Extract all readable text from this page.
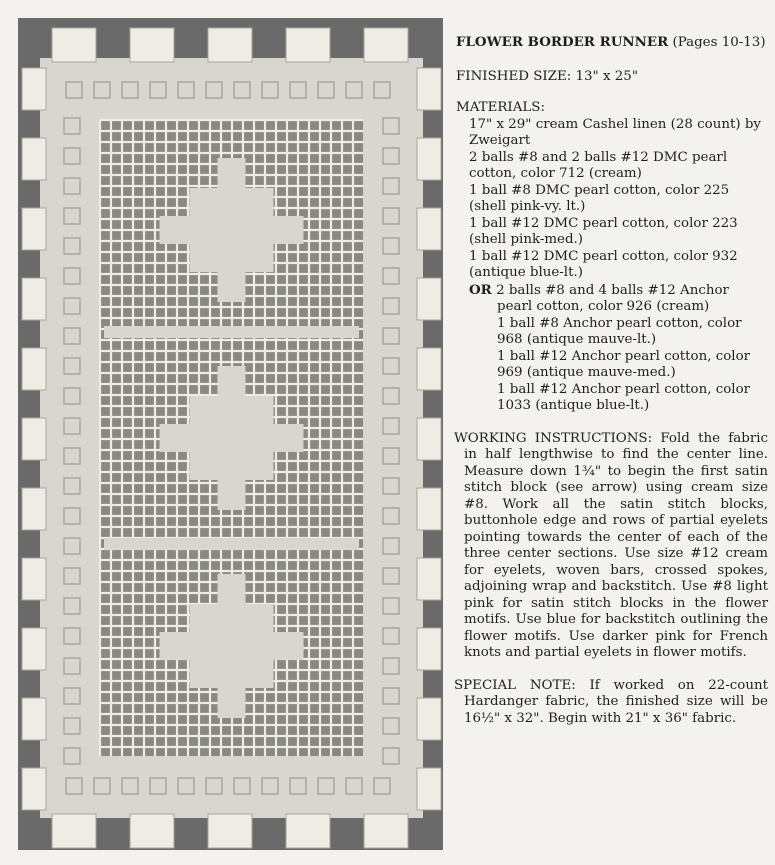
FLOWER BORDER RUNNER (Pages 10-13)

FINISHED SIZE: 13" x 25"

MATERIALS:
17" x 29" cream Cashel linen (28 count) by Zweigart
2 balls #8 and 2 balls #12 DMC pearl cotton, color 712 (cream)
1 ball #8 DMC pearl cotton, color 225 (shell pink-vy. lt.)
1 ball #12 DMC pearl cotton, color 223 (shell pink-med.)
1 ball #12 DMC pearl cotton, color 932 (antique blue-lt.)
OR 2 balls #8 and 4 balls #12 Anchor pearl cotton, color 926 (cream)
1 ball #8 Anchor pearl cotton, color 968 (antique mauve-lt.)
1 ball #12 Anchor pearl cotton, color 969 (antique mauve-med.)
1 ball #12 Anchor pearl cotton, color 1033 (antique blue-lt.)

WORKING INSTRUCTIONS: Fold the fabric in half lengthwise to find the center line. Measure down 1¾" to begin the first satin stitch block (see arrow) using cream size #8. Work all the satin stitch blocks, buttonhole edge and rows of partial eyelets pointing towards the center of each of the three center sections. Use size #12 cream for eyelets, woven bars, crossed spokes, adjoining wrap and backstitch. Use #8 light pink for satin stitch blocks in the flower motifs. Use blue for backstitch outlining the flower motifs. Use darker pink for French knots and partial eyelets in flower motifs.

SPECIAL NOTE: If worked on 22-count Hardanger fabric, the finished size will be 16½" x 32". Begin with 21" x 36" fabric.
